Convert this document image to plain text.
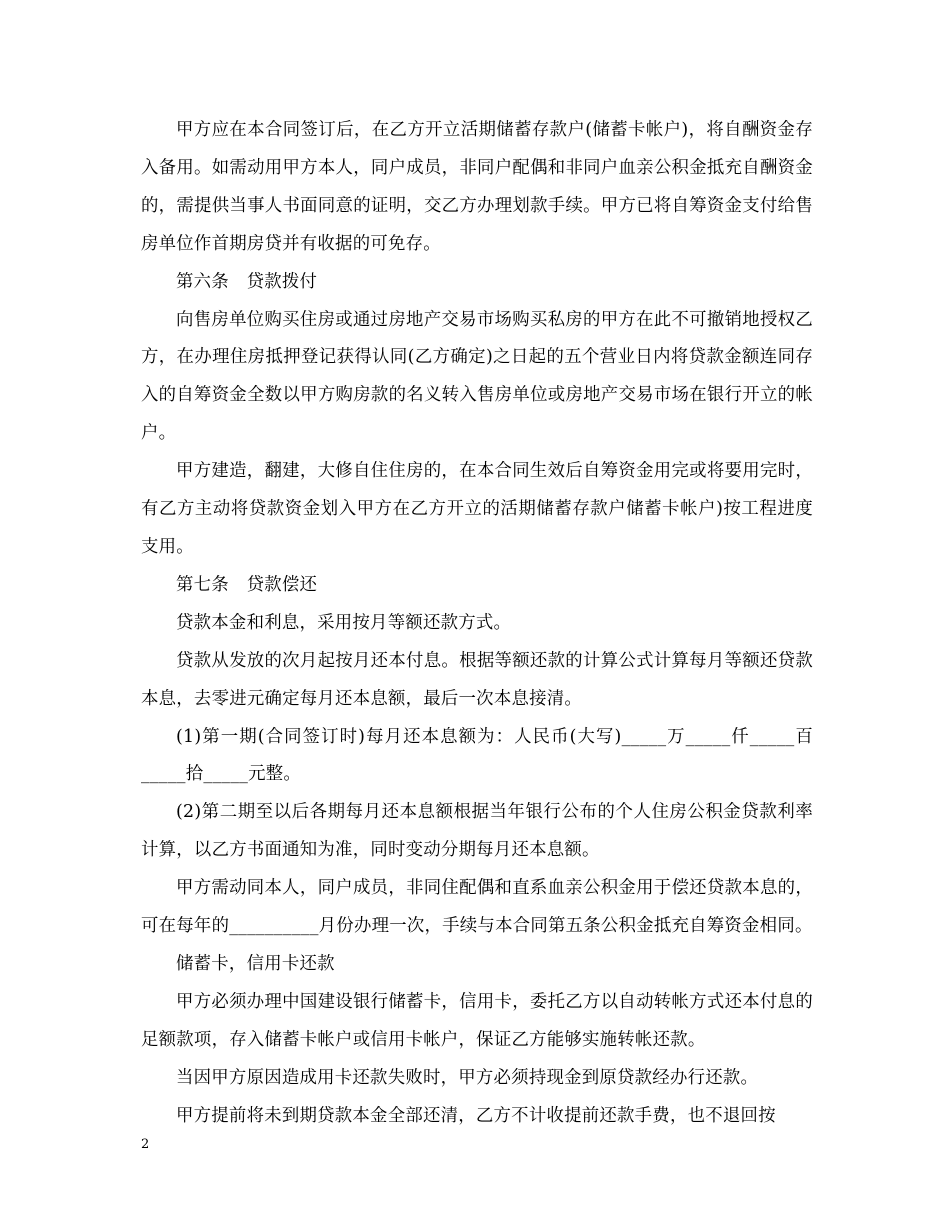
甲方应在本合同签订后，在乙方开立活期储蓄存款户(储蓄卡帐户)，将自酬资金存入备用。如需动用甲方本人，同户成员，非同户配偶和非同户血亲公积金抵充自酬资金的，需提供当事人书面同意的证明，交乙方办理划款手续。甲方已将自筹资金支付给售房单位作首期房贷并有收据的可免存。

第六条　贷款拨付

向售房单位购买住房或通过房地产交易市场购买私房的甲方在此不可撤销地授权乙方，在办理住房抵押登记获得认同(乙方确定)之日起的五个营业日内将贷款金额连同存入的自筹资金全数以甲方购房款的名义转入售房单位或房地产交易市场在银行开立的帐户。

甲方建造，翻建，大修自住住房的，在本合同生效后自筹资金用完或将要用完时，有乙方主动将贷款资金划入甲方在乙方开立的活期储蓄存款户储蓄卡帐户)按工程进度支用。

第七条　贷款偿还

贷款本金和利息，采用按月等额还款方式。

贷款从发放的次月起按月还本付息。根据等额还款的计算公式计算每月等额还贷款本息，去零进元确定每月还本息额，最后一次本息接清。

(1)第一期(合同签订时)每月还本息额为：人民币(大写)_____万_____仟_____百_____拾_____元整。

(2)第二期至以后各期每月还本息额根据当年银行公布的个人住房公积金贷款利率计算，以乙方书面通知为准，同时变动分期每月还本息额。

甲方需动同本人，同户成员，非同住配偶和直系血亲公积金用于偿还贷款本息的，可在每年的__________月份办理一次，手续与本合同第五条公积金抵充自筹资金相同。

储蓄卡，信用卡还款

甲方必须办理中国建设银行储蓄卡，信用卡，委托乙方以自动转帐方式还本付息的足额款项，存入储蓄卡帐户或信用卡帐户，保证乙方能够实施转帐还款。

当因甲方原因造成用卡还款失败时，甲方必须持现金到原贷款经办行还款。

甲方提前将未到期贷款本金全部还清，乙方不计收提前还款手费，也不退回按

2
